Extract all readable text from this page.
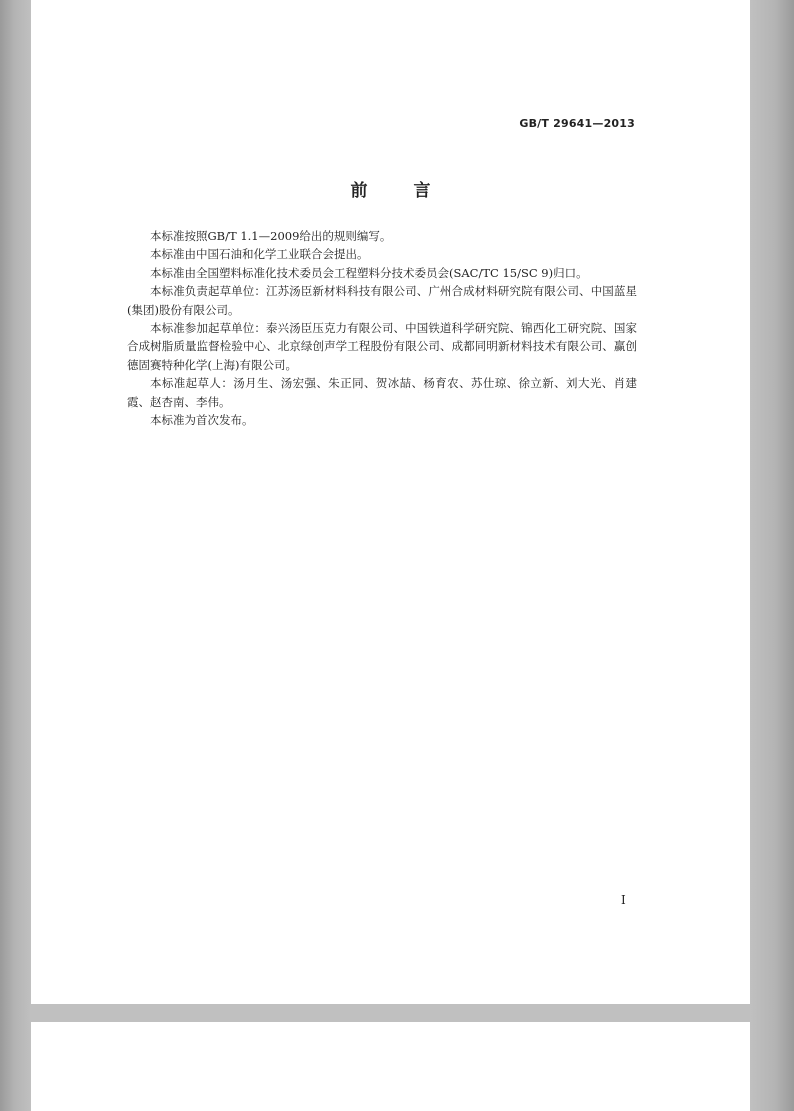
GB/T 29641—2013
前 言

本标准按照GB/T 1.1—2009给出的规则编写。

本标准由中国石油和化学工业联合会提出。

本标准由全国塑料标准化技术委员会工程塑料分技术委员会(SAC/TC 15/SC 9)归口。

本标准负责起草单位：江苏汤臣新材料科技有限公司、广州合成材料研究院有限公司、中国蓝星(集团)股份有限公司。

本标准参加起草单位：泰兴汤臣压克力有限公司、中国铁道科学研究院、锦西化工研究院、国家合成树脂质量监督检验中心、北京绿创声学工程股份有限公司、成都同明新材料技术有限公司、赢创德固赛特种化学(上海)有限公司。

本标准起草人：汤月生、汤宏强、朱正同、贺冰喆、杨育农、苏仕琼、徐立新、刘大光、肖建霞、赵杏南、李伟。

本标准为首次发布。

I
